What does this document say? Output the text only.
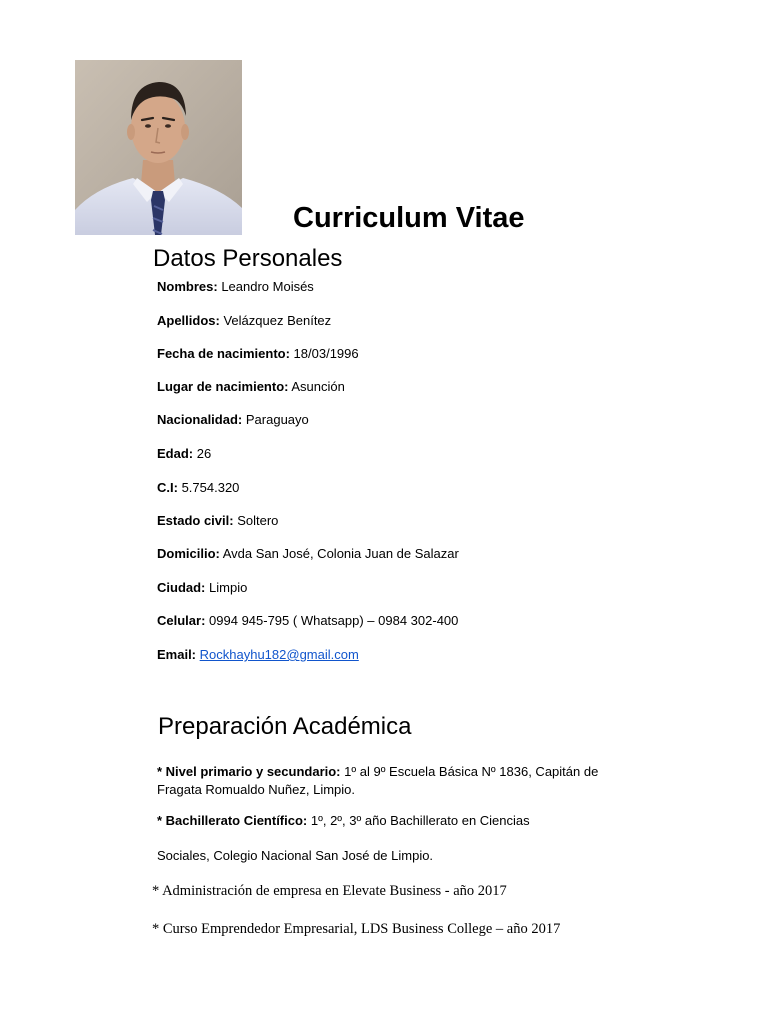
Curriculum Vitae
Datos Personales
Nombres: Leandro Moisés
Apellidos: Velázquez Benítez
Fecha de nacimiento: 18/03/1996
Lugar de nacimiento: Asunción
Nacionalidad: Paraguayo
Edad: 26
C.I: 5.754.320
Estado civil: Soltero
Domicilio: Avda San José, Colonia Juan de Salazar
Ciudad: Limpio
Celular: 0994 945-795 ( Whatsapp) – 0984 302-400
Email: Rockhayhu182@gmail.com
Preparación Académica
* Nivel primario y secundario: 1º al 9º Escuela Básica Nº 1836, Capitán de Fragata Romualdo Nuñez, Limpio.
* Bachillerato Científico: 1º, 2º, 3º año Bachillerato en Ciencias
Sociales, Colegio Nacional San José de Limpio.
* Administración de empresa en Elevate Business - año 2017
* Curso Emprendedor Empresarial, LDS Business College – año 2017
